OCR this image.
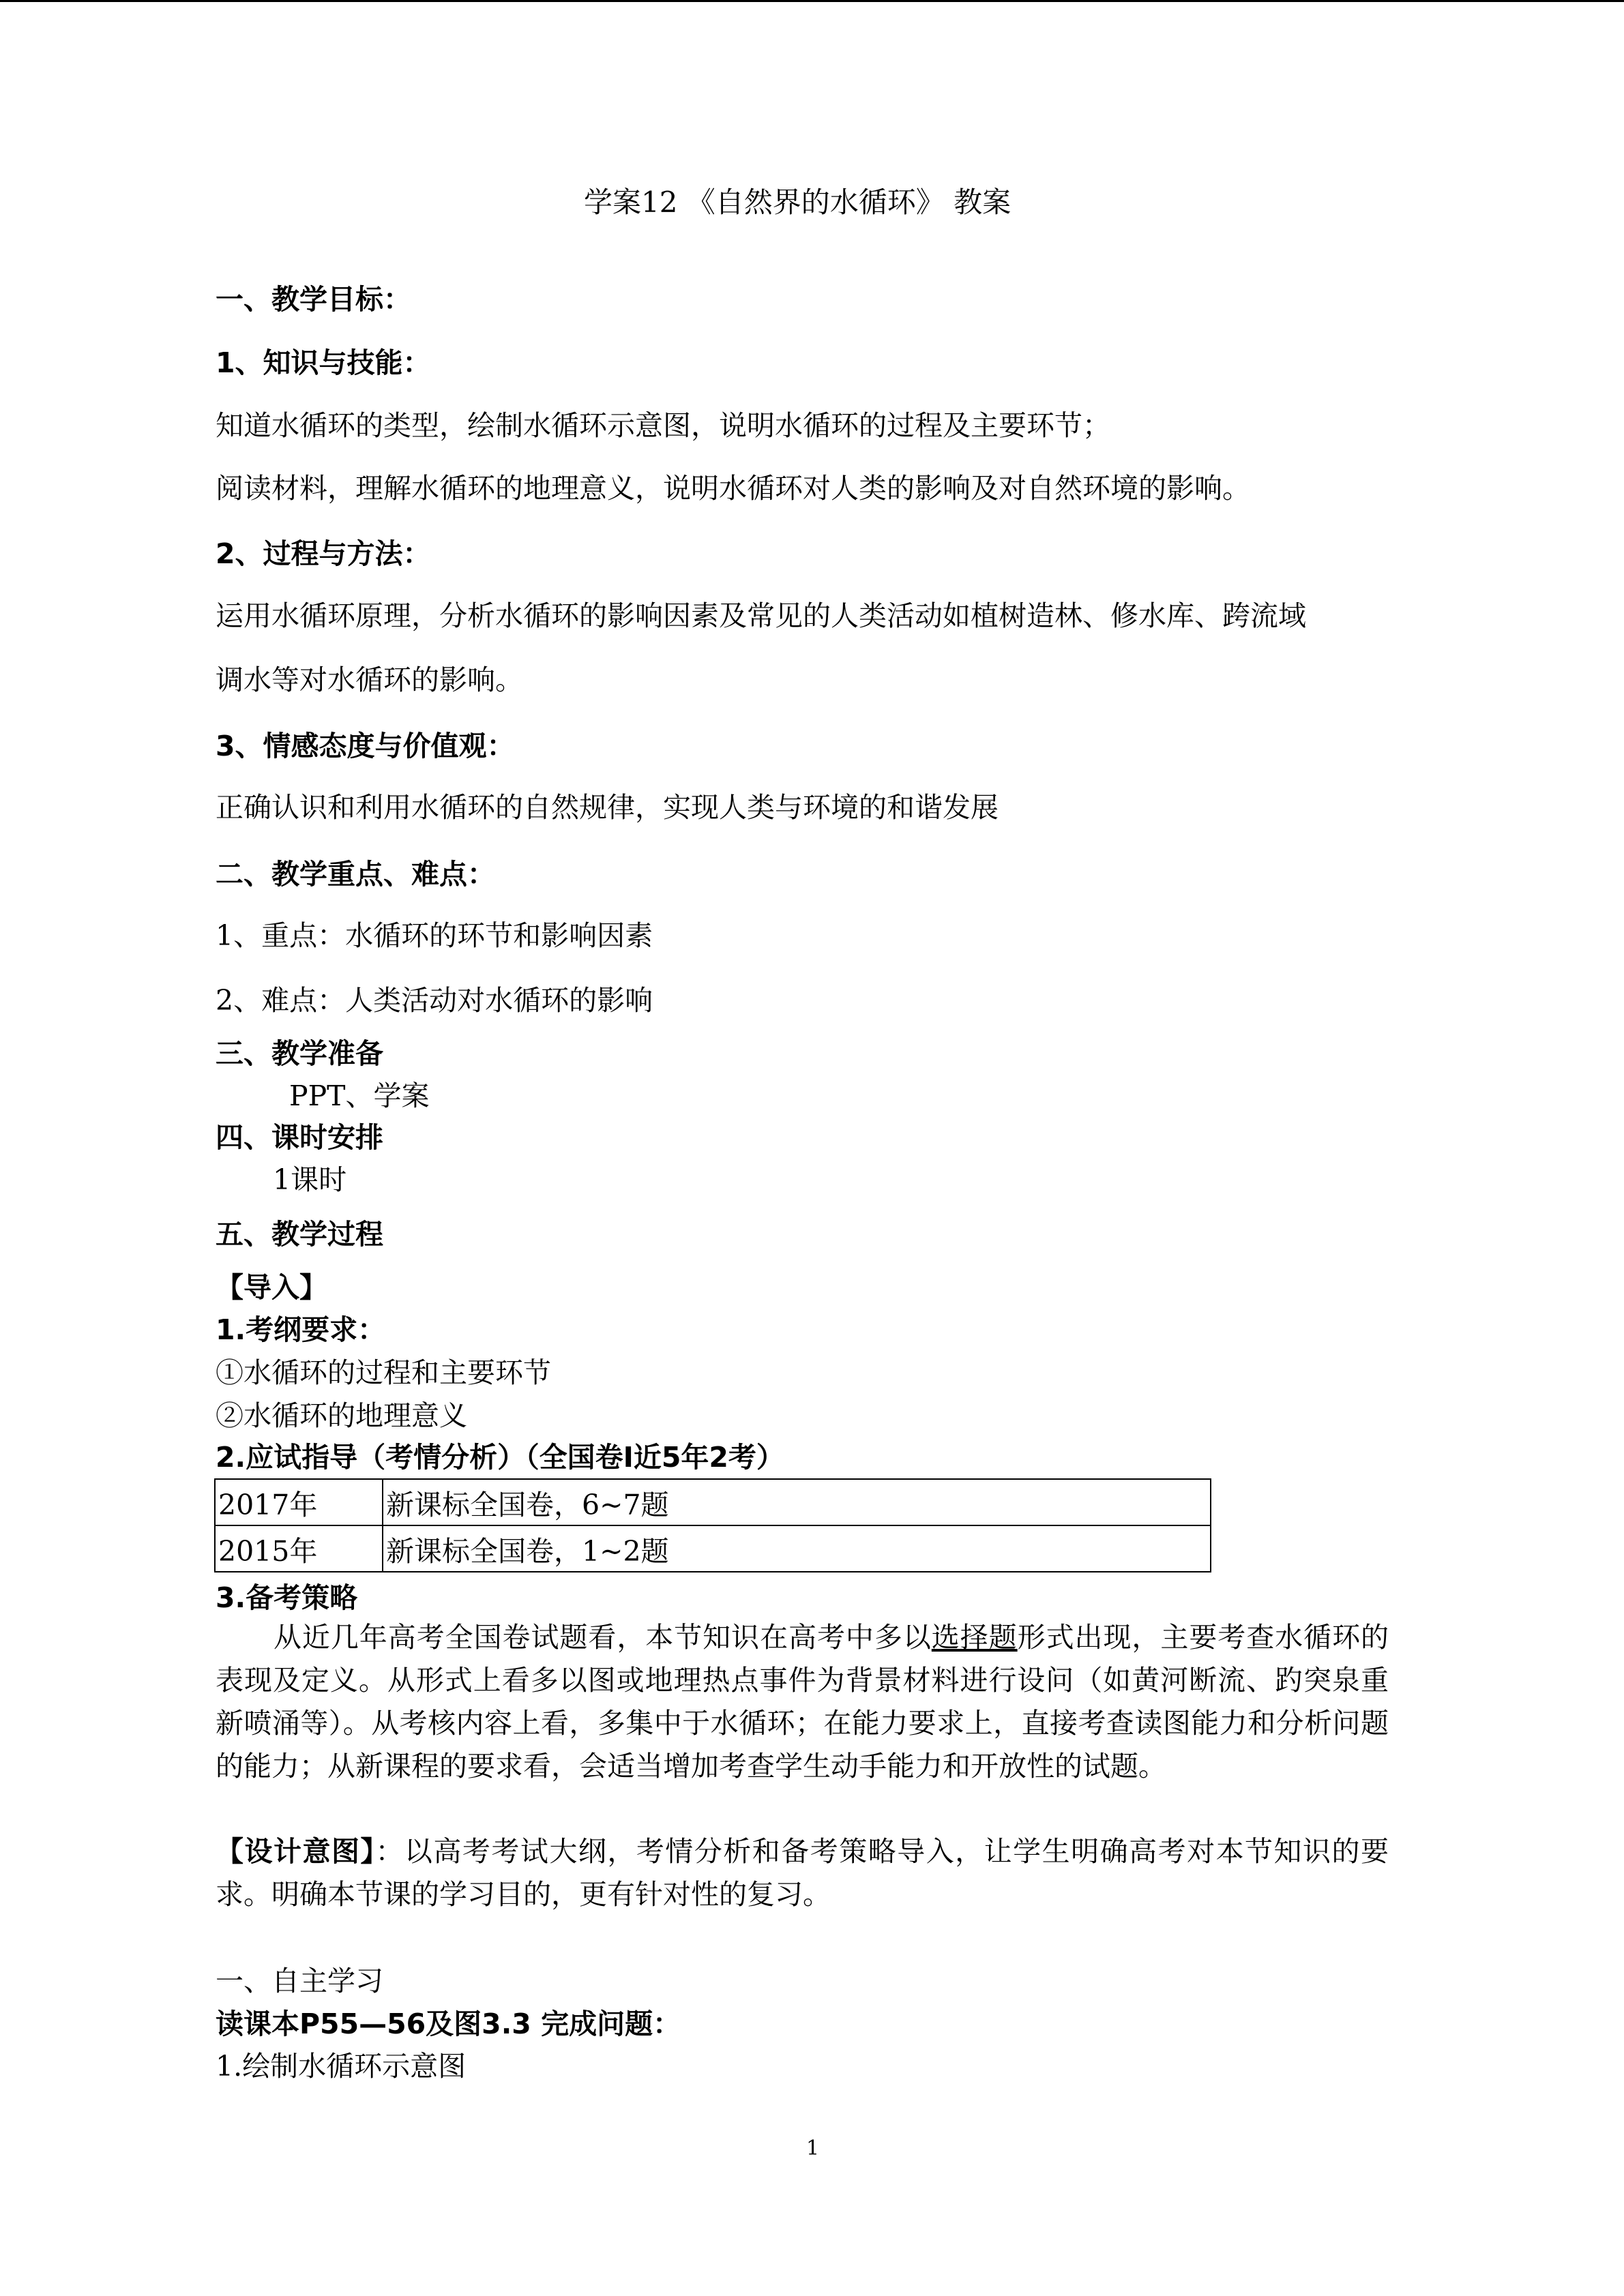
学案12 《自然界的水循环》 教案
一、教学目标：
1、知识与技能：
知道水循环的类型，绘制水循环示意图，说明水循环的过程及主要环节；
阅读材料，理解水循环的地理意义，说明水循环对人类的影响及对自然环境的影响。
2、过程与方法：
运用水循环原理，分析水循环的影响因素及常见的人类活动如植树造林、修水库、跨流域
调水等对水循环的影响。
3、情感态度与价值观：
正确认识和利用水循环的自然规律，实现人类与环境的和谐发展
二、教学重点、难点：
1、重点：水循环的环节和影响因素
2、难点：人类活动对水循环的影响
三、教学准备
PPT、学案
四、课时安排
1课时
五、教学过程
【导入】
1.考纲要求：
①水循环的过程和主要环节
②水循环的地理意义
2.应试指导（考情分析）（全国卷Ⅰ近5年2考）
2017年	新课标全国卷，6~7题
2015年	新课标全国卷，1~2题
3.备考策略
从近几年高考全国卷试题看，本节知识在高考中多以选择题形式出现，主要考查水循环的表现及定义。从形式上看多以图或地理热点事件为背景材料进行设问（如黄河断流、趵突泉重新喷涌等）。从考核内容上看，多集中于水循环；在能力要求上，直接考查读图能力和分析问题的能力；从新课程的要求看，会适当增加考查学生动手能力和开放性的试题。
【设计意图】：以高考考试大纲，考情分析和备考策略导入，让学生明确高考对本节知识的要求。明确本节课的学习目的，更有针对性的复习。
一、自主学习
读课本P55—56及图3.3 完成问题：
1.绘制水循环示意图
1
